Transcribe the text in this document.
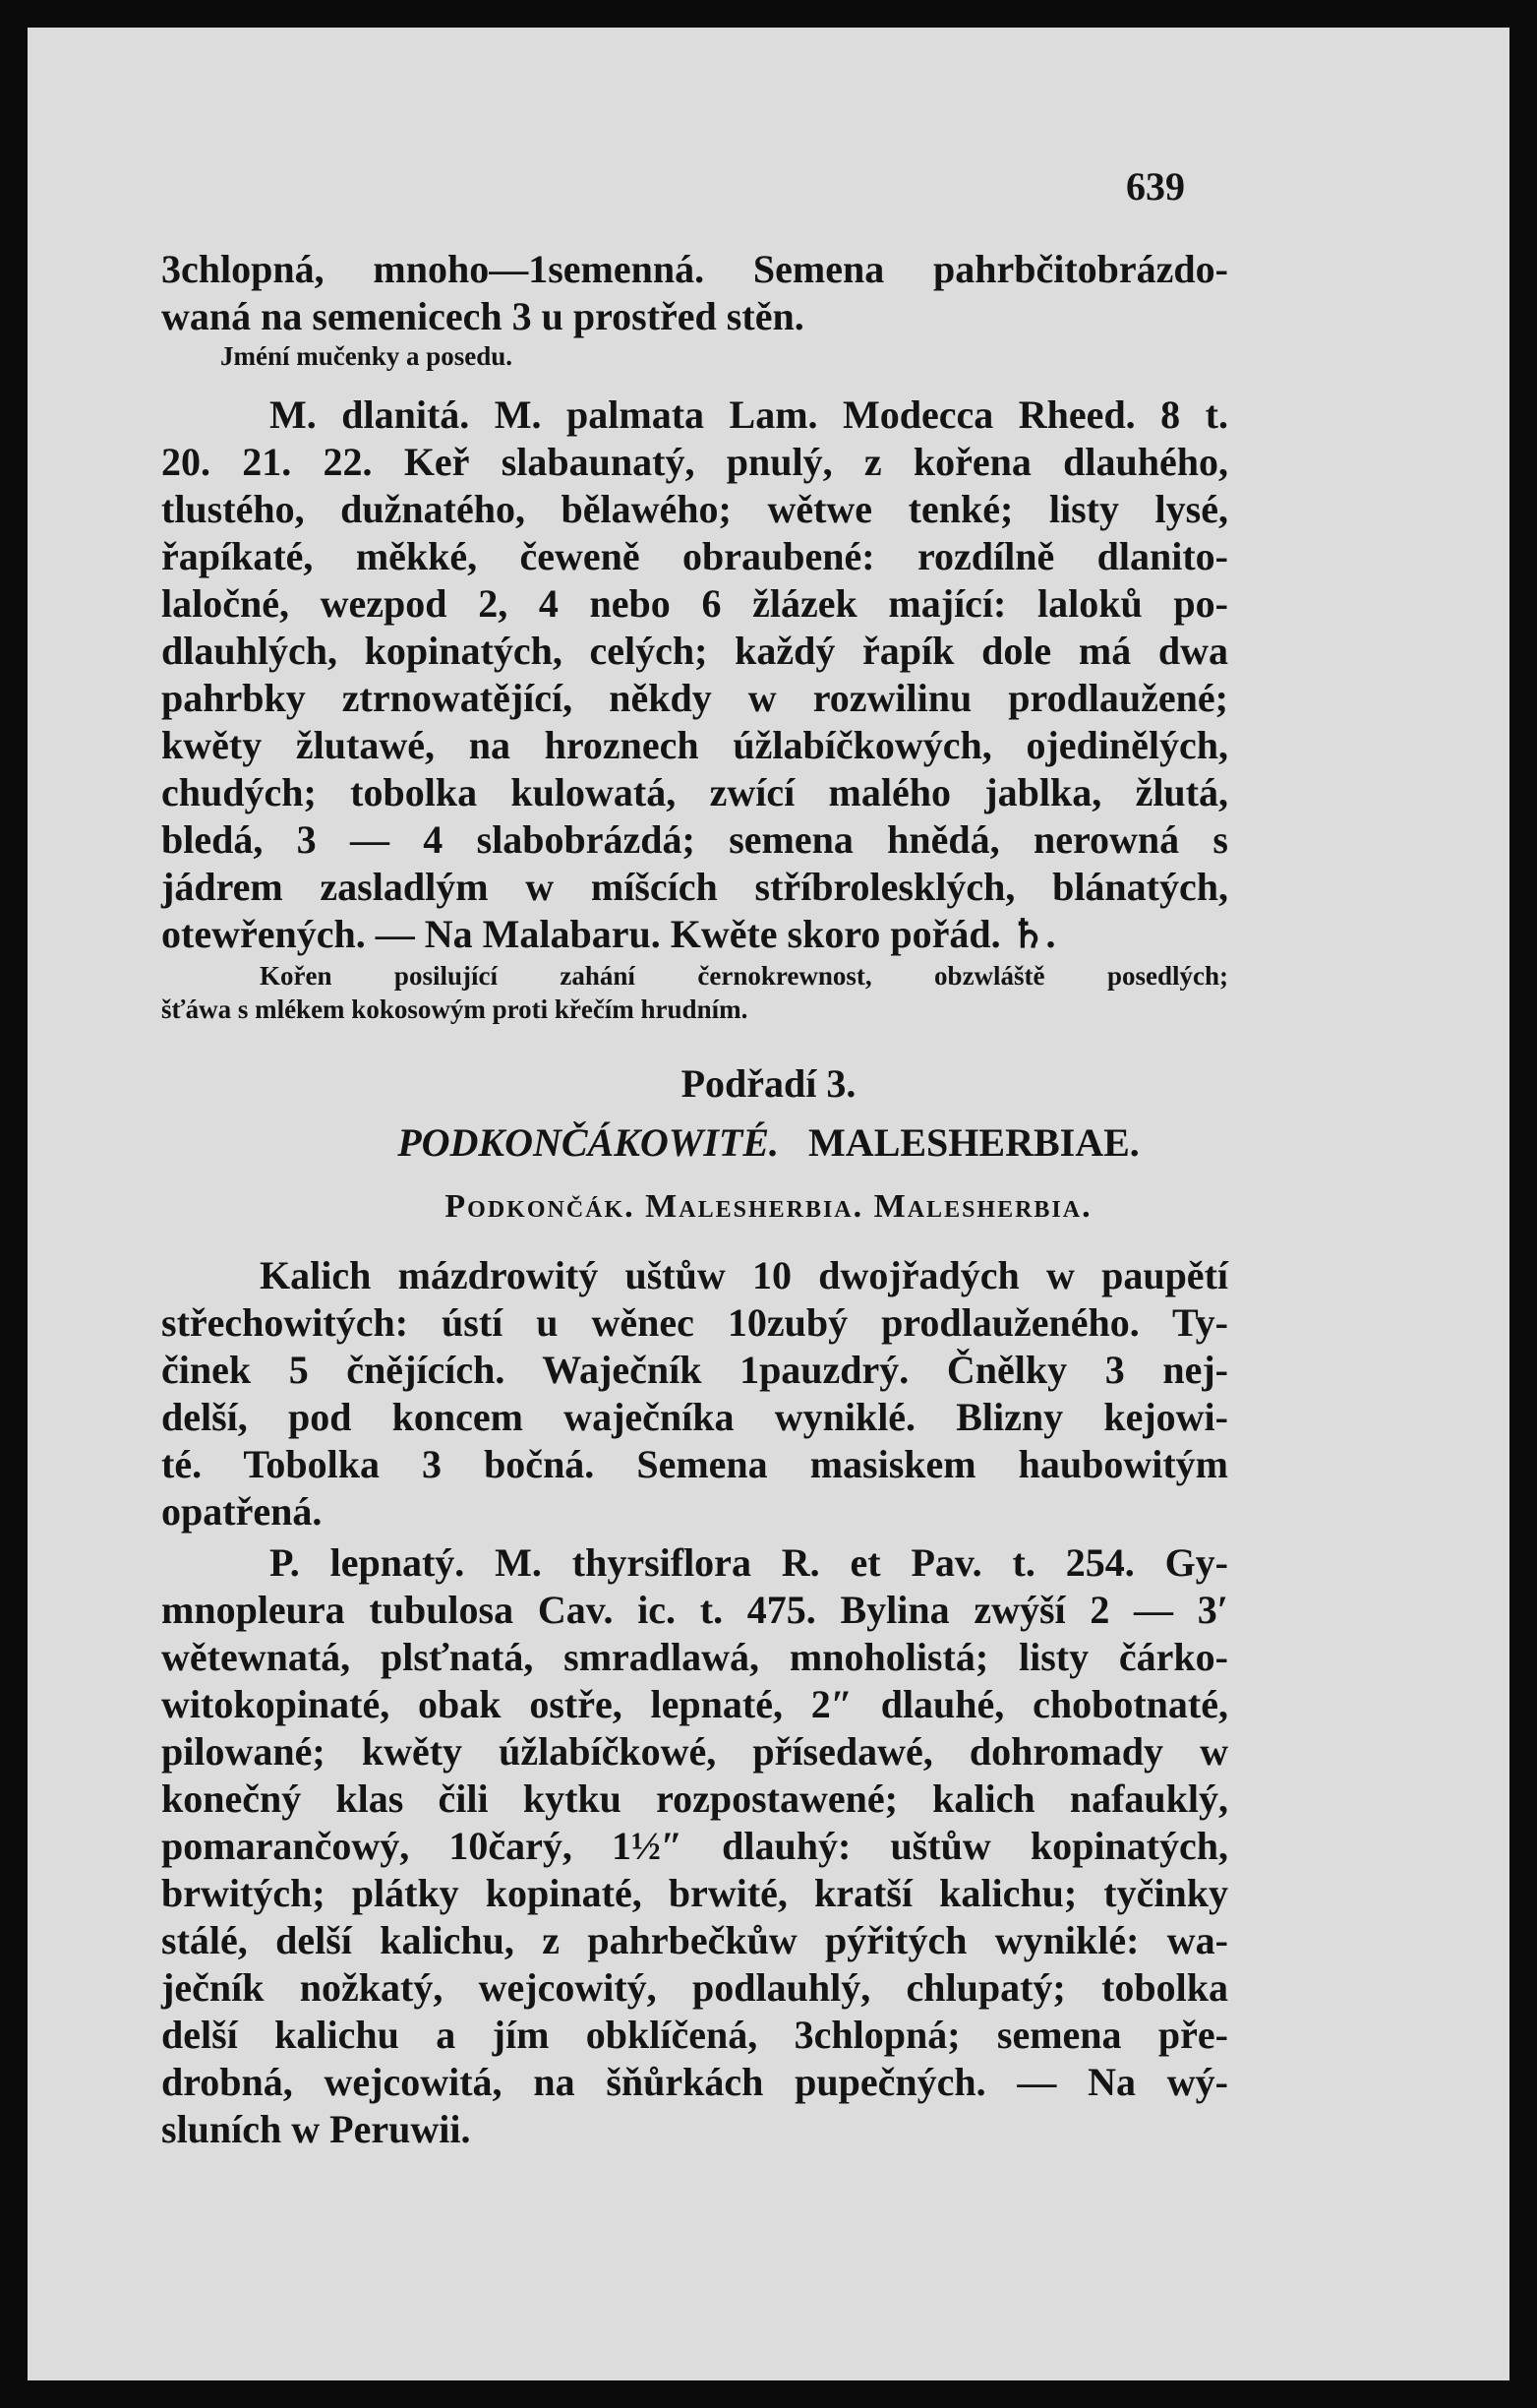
639
3chlopná, mnoho—1semenná. Semena pahrbčitobrázdo-
waná na semenicech 3 u prostřed stěn.
Jméní mučenky a posedu.
M. dlanitá. M. palmata Lam. Modecca Rheed. 8 t.
20. 21. 22. Keř slabaunatý, pnulý, z kořena dlauhého,
tlustého, dužnatého, bělawého; wětwe tenké; listy lysé,
řapíkaté, měkké, čeweně obraubené: rozdílně dlanito-
laločné, wezpod 2, 4 nebo 6 žlázek mající: laloků po-
dlauhlých, kopinatých, celých; každý řapík dole má dwa
pahrbky ztrnowatějící, někdy w rozwilinu prodlaužené;
kwěty žlutawé, na hroznech úžlabíčkowých, ojedinělých,
chudých; tobolka kulowatá, zwící malého jablka, žlutá,
bledá, 3 — 4 slabobrázdá; semena hnědá, nerowná s
jádrem zasladlým w míšcích stříbrolesklých, blánatých,
otewřených. — Na Malabaru. Kwěte skoro pořád. ♄.
Kořen posilující zahání černokrewnost, obzwláště posedlých;
šťáwa s mlékem kokosowým proti křečím hrudním.
Podřadí 3.
PODKONČÁKOWITÉ. MALESHERBIAE.
Podkončák. Malesherbia. Malesherbia.
Kalich mázdrowitý uštůw 10 dwojřadých w paupětí
střechowitých: ústí u wěnec 10zubý prodlauženého. Ty-
činek 5 čnějících. Waječník 1pauzdrý. Čnělky 3 nej-
delší, pod koncem waječníka wyniklé. Blizny kejowi-
té. Tobolka 3 bočná. Semena masiskem haubowitým
opatřená.
P. lepnatý. M. thyrsiflora R. et Pav. t. 254. Gy-
mnopleura tubulosa Cav. ic. t. 475. Bylina zwýší 2 — 3′
wětewnatá, plsťnatá, smradlawá, mnoholistá; listy čárko-
witokopinaté, obak ostře, lepnaté, 2″ dlauhé, chobotnaté,
pilowané; kwěty úžlabíčkowé, přísedawé, dohromady w
konečný klas čili kytku rozpostawené; kalich nafauklý,
pomarančowý, 10čarý, 1½″ dlauhý: uštůw kopinatých,
brwitých; plátky kopinaté, brwité, kratší kalichu; tyčinky
stálé, delší kalichu, z pahrbečkůw pýřitých wyniklé: wa-
ječník nožkatý, wejcowitý, podlauhlý, chlupatý; tobolka
delší kalichu a jím obklíčená, 3chlopná; semena pře-
drobná, wejcowitá, na šňůrkách pupečných. — Na wý-
sluních w Peruwii.
